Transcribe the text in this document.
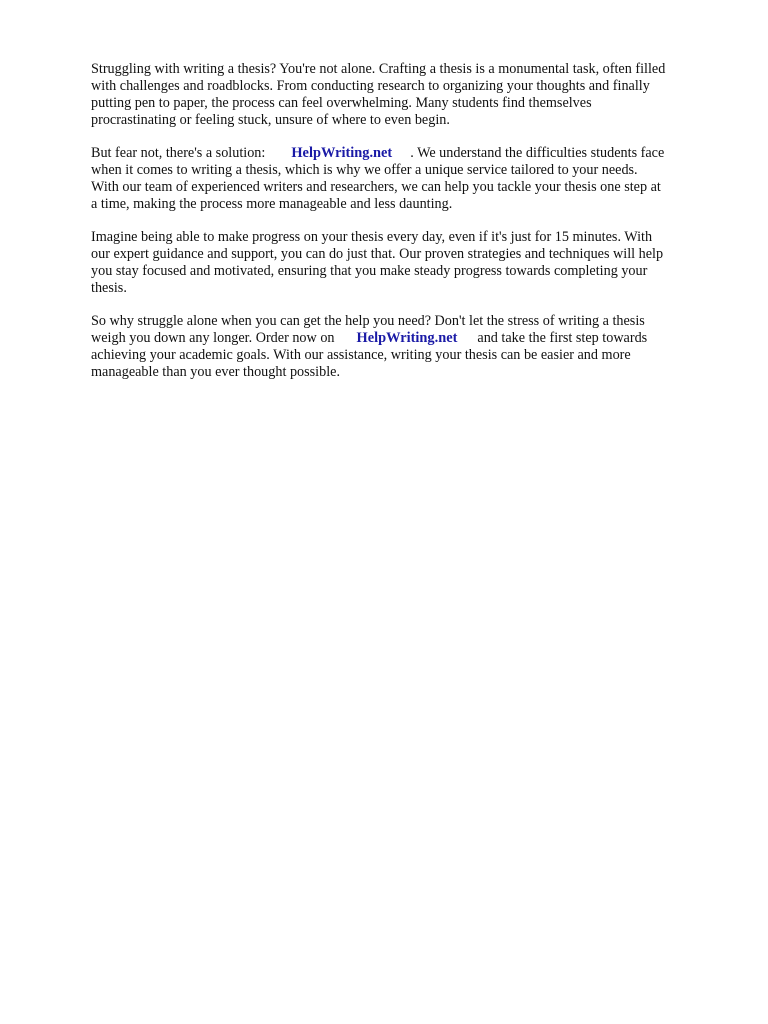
Struggling with writing a thesis? You're not alone. Crafting a thesis is a monumental task, often filled
with challenges and roadblocks. From conducting research to organizing your thoughts and finally
putting pen to paper, the process can feel overwhelming. Many students find themselves
procrastinating or feeling stuck, unsure of where to even begin.

But fear not, there's a solution: HelpWriting.net . We understand the difficulties students face
when it comes to writing a thesis, which is why we offer a unique service tailored to your needs.
With our team of experienced writers and researchers, we can help you tackle your thesis one step at
a time, making the process more manageable and less daunting.

Imagine being able to make progress on your thesis every day, even if it's just for 15 minutes. With
our expert guidance and support, you can do just that. Our proven strategies and techniques will help
you stay focused and motivated, ensuring that you make steady progress towards completing your
thesis.

So why struggle alone when you can get the help you need? Don't let the stress of writing a thesis
weigh you down any longer. Order now on HelpWriting.net and take the first step towards
achieving your academic goals. With our assistance, writing your thesis can be easier and more
manageable than you ever thought possible.
